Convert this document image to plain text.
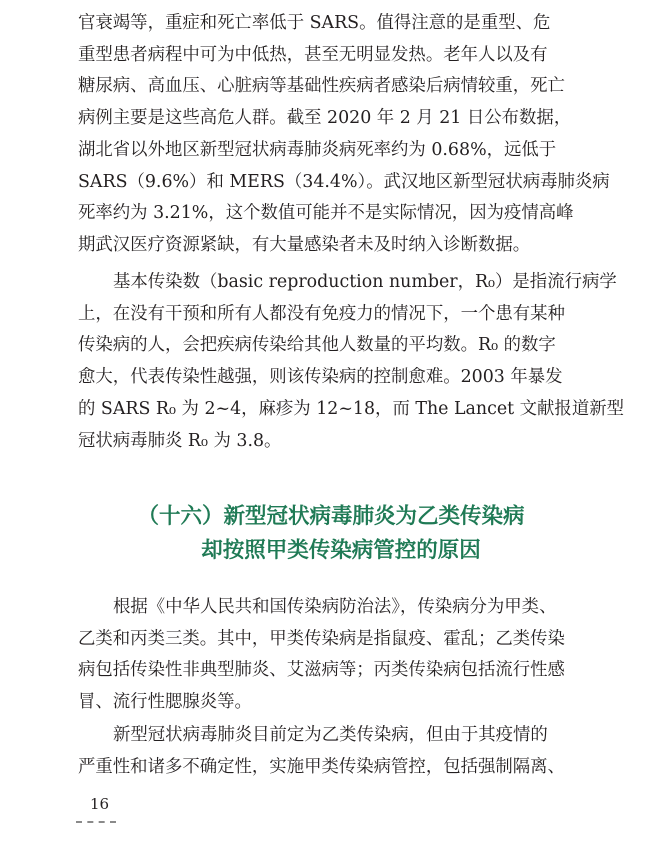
官衰竭等，重症和死亡率低于 SARS。值得注意的是重型、危
重型患者病程中可为中低热，甚至无明显发热。老年人以及有
糖尿病、高血压、心脏病等基础性疾病者感染后病情较重，死亡
病例主要是这些高危人群。截至 2020 年 2 月 21 日公布数据，
湖北省以外地区新型冠状病毒肺炎病死率约为 0.68%，远低于
SARS（9.6%）和 MERS（34.4%）。武汉地区新型冠状病毒肺炎病
死率约为 3.21%，这个数值可能并不是实际情况，因为疫情高峰
期武汉医疗资源紧缺，有大量感染者未及时纳入诊断数据。

基本传染数（basic reproduction number，R₀）是指流行病学
上，在没有干预和所有人都没有免疫力的情况下，一个患有某种
传染病的人，会把疾病传染给其他人数量的平均数。R₀ 的数字
愈大，代表传染性越强，则该传染病的控制愈难。2003 年暴发
的 SARS R₀ 为 2~4，麻疹为 12~18，而 The Lancet 文献报道新型
冠状病毒肺炎 R₀ 为 3.8。

（十六）新型冠状病毒肺炎为乙类传染病
却按照甲类传染病管控的原因

根据《中华人民共和国传染病防治法》，传染病分为甲类、
乙类和丙类三类。其中，甲类传染病是指鼠疫、霍乱；乙类传染
病包括传染性非典型肺炎、艾滋病等；丙类传染病包括流行性感
冒、流行性腮腺炎等。

新型冠状病毒肺炎目前定为乙类传染病，但由于其疫情的
严重性和诸多不确定性，实施甲类传染病管控，包括强制隔离、

16
